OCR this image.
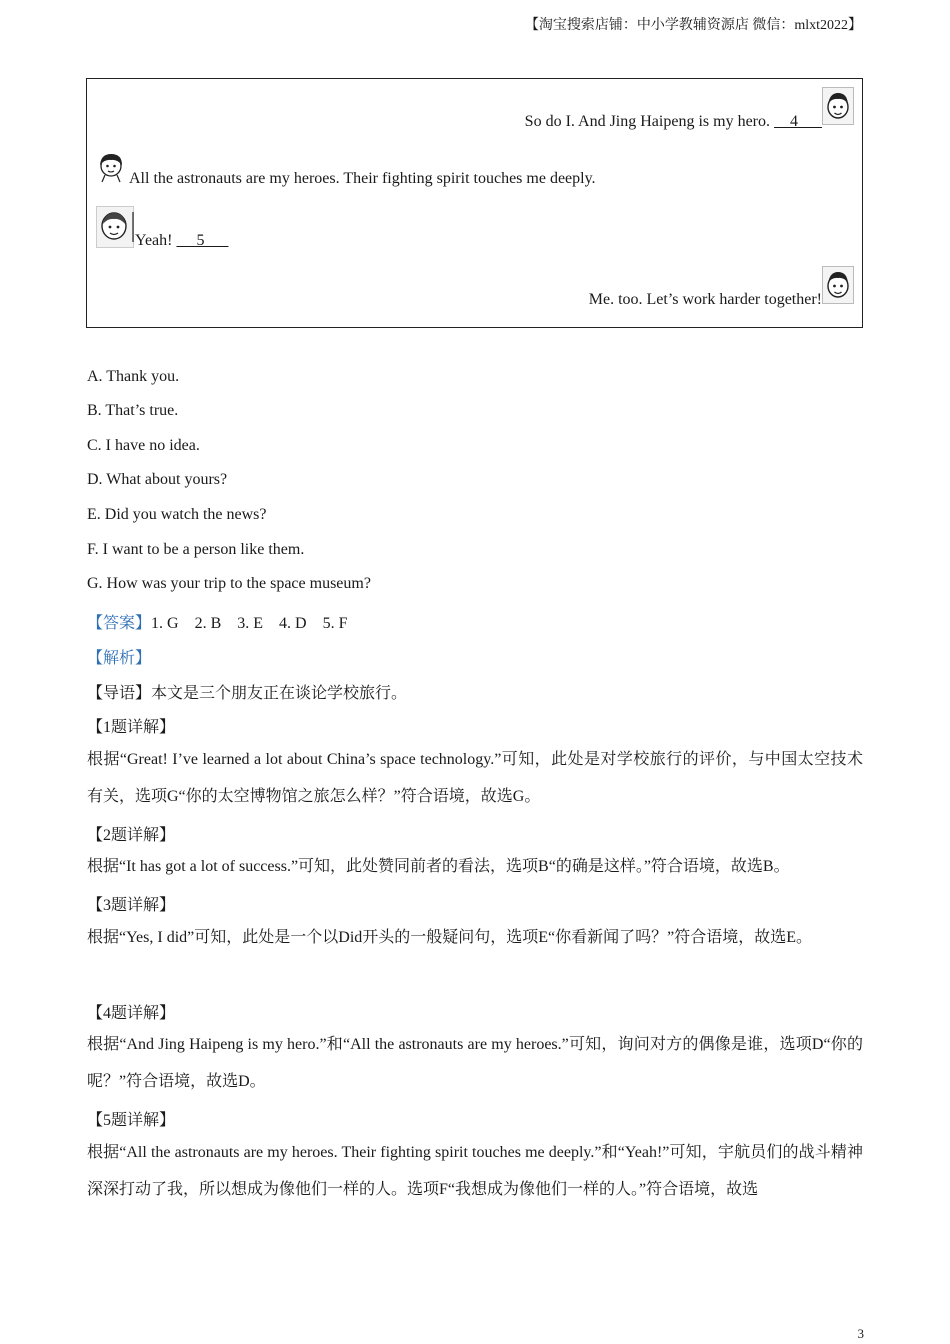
【淘宝搜索店铺：中小学教辅资源店 微信：mlxt2022】
So do I. And Jing Haipeng is my hero.     4
All the astronauts are my heroes. Their fighting spirit touches me deeply.
Yeah!      5
Me. too. Let’s work harder together!
A. Thank you.
B. That’s true.
C. I have no idea.
D. What about yours?
E. Did you watch the news?
F. I want to be a person like them.
G. How was your trip to the space museum?
【答案】1. G    2. B    3. E    4. D    5. F
【解析】
【导语】本文是三个朋友正在谈论学校旅行。
【1题详解】
根据“Great! I’ve learned a lot about China’s space technology.”可知，此处是对学校旅行的评价，与中国太空技术有关，选项G“你的太空博物馆之旅怎么样？”符合语境，故选G。
【2题详解】
根据“It has got a lot of success.”可知，此处赞同前者的看法，选项B“的确是这样。”符合语境，故选B。
【3题详解】
根据“Yes, I did”可知，此处是一个以Did开头的一般疑问句，选项E“你看新闻了吗？”符合语境，故选E。
【4题详解】
根据“And Jing Haipeng is my hero.”和“All the astronauts are my heroes.”可知，询问对方的偶像是谁，选项D“你的呢？”符合语境，故选D。
【5题详解】
根据“All the astronauts are my heroes. Their fighting spirit touches me deeply.”和“Yeah!”可知，宇航员们的战斗精神深深打动了我，所以想成为像他们一样的人。选项F“我想成为像他们一样的人。”符合语境，故选
3
